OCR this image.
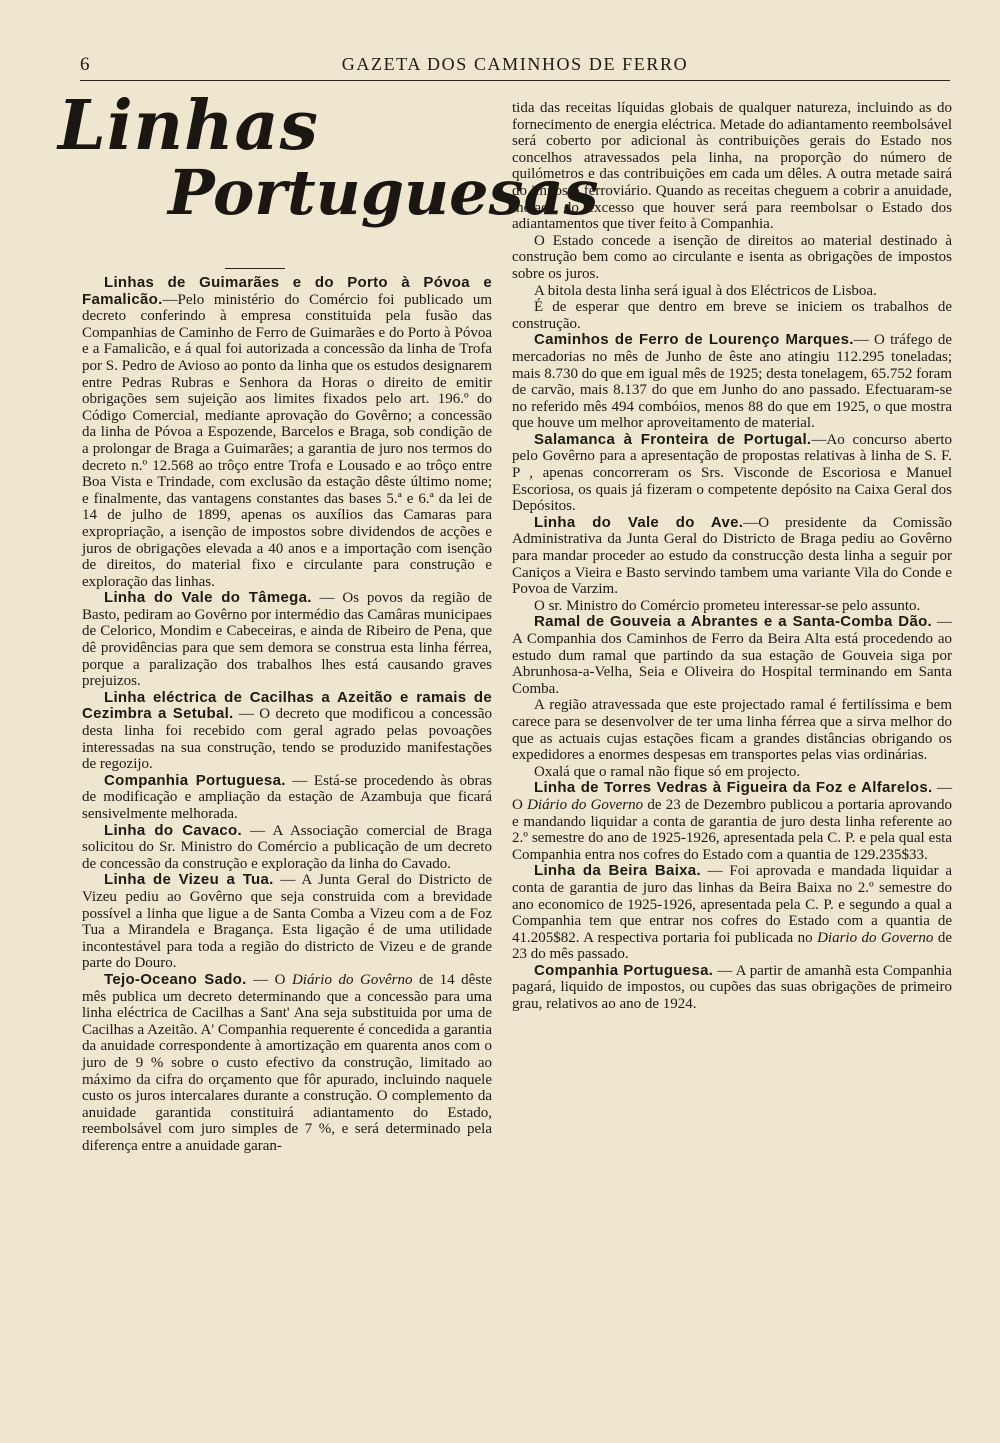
6	GAZETA DOS CAMINHOS DE FERRO
Linhas
Portuguesas

Linhas de Guimarães e do Porto à Póvoa e Famalicão.—Pelo ministério do Comércio foi publicado um decreto conferindo à empresa constituida pela fusão das Companhias de Caminho de Ferro de Guimarães e do Porto à Póvoa e a Famalicão, e á qual foi autorizada a concessão da linha de Trofa por S. Pedro de Avioso ao ponto da linha que os estudos designarem entre Pedras Rubras e Senhora da Horas o direito de emitir obrigações sem sujeição aos limites fixados pelo art. 196.º do Código Comercial, mediante aprovação do Govêrno; a concessão da linha de Póvoa a Espozende, Barcelos e Braga, sob condição de a prolongar de Braga a Guimarães; a garantia de juro nos termos do decreto n.º 12.568 ao trôço entre Trofa e Lousado e ao trôço entre Boa Vista e Trindade, com exclusão da estação dêste último nome; e finalmente, das vantagens constantes das bases 5.ª e 6.ª da lei de 14 de julho de 1899, apenas os auxílios das Camaras para expropriação, a isenção de impostos sobre dividendos de acções e juros de obrigações elevada a 40 anos e a importação com isenção de direitos, do material fixo e circulante para construção e exploração das linhas.

Linha do Vale do Tâmega. — Os povos da região de Basto, pediram ao Govêrno por intermédio das Camâras municipaes de Celorico, Mondim e Cabeceiras, e ainda de Ribeiro de Pena, que dê providências para que sem demora se construa esta linha férrea, porque a paralização dos trabalhos lhes está causando graves prejuizos.

Linha eléctrica de Cacilhas a Azeitão e ramais de Cezimbra a Setubal. — O decreto que modificou a concessão desta linha foi recebido com geral agrado pelas povoações interessadas na sua construção, tendo se produzido manifestações de regozijo.

Companhia Portuguesa. — Está-se procedendo às obras de modificação e ampliação da estação de Azambuja que ficará sensivelmente melhorada.

Linha do Cavaco. — A Associação comercial de Braga solicitou do Sr. Ministro do Comércio a publicação de um decreto de concessão da construção e exploração da linha do Cavado.

Linha de Vizeu a Tua. — A Junta Geral do Districto de Vizeu pediu ao Govêrno que seja construida com a brevidade possível a linha que ligue a de Santa Comba a Vizeu com a de Foz Tua a Mirandela e Bragança. Esta ligação é de uma utilidade incontestável para toda a região do districto de Vizeu e de grande parte do Douro.

Tejo-Oceano Sado. — O Diário do Govêrno de 14 dêste mês publica um decreto determinando que a concessão para uma linha eléctrica de Cacilhas a Sant' Ana seja substituida por uma de Cacilhas a Azeitão. A' Companhia requerente é concedida a garantia da anuidade correspondente à amortização em quarenta anos com o juro de 9 % sobre o custo efectivo da construção, limitado ao máximo da cifra do orçamento que fôr apurado, incluindo naquele custo os juros intercalares durante a construção. O complemento da anuidade garantida constituirá adiantamento do Estado, reembolsável com juro simples de 7 %, e será determinado pela diferença entre a anuidade garan-

tida das receitas líquidas globais de qualquer natureza, incluindo as do fornecimento de energia eléctrica. Metade do adiantamento reembolsável será coberto por adicional às contribuições gerais do Estado nos concelhos atravessados pela linha, na proporção do número de quilómetros e das contribuições em cada um dêles. A outra metade sairá do imposto ferroviário. Quando as receitas cheguem a cobrir a anuidade, metade do excesso que houver será para reembolsar o Estado dos adiantamentos que tiver feito à Companhia.

O Estado concede a isenção de direitos ao material destinado à construção bem como ao circulante e isenta as obrigações de impostos sobre os juros.

A bitola desta linha será igual à dos Eléctricos de Lisboa.

É de esperar que dentro em breve se iniciem os trabalhos de construção.

Caminhos de Ferro de Lourenço Marques.— O tráfego de mercadorias no mês de Junho de êste ano atingiu 112.295 toneladas; mais 8.730 do que em igual mês de 1925; desta tonelagem, 65.752 foram de carvão, mais 8.137 do que em Junho do ano passado. Efectuaram-se no referido mês 494 combóios, menos 88 do que em 1925, o que mostra que houve um melhor aproveitamento de material.

Salamanca à Fronteira de Portugal.—Ao concurso aberto pelo Govêrno para a apresentação de propostas relativas à linha de S. F. P , apenas concorreram os Srs. Visconde de Escoriosa e Manuel Escoriosa, os quais já fizeram o competente depósito na Caixa Geral dos Depósitos.

Linha do Vale do Ave.—O presidente da Comissão Administrativa da Junta Geral do Districto de Braga pediu ao Govêrno para mandar proceder ao estudo da construcção desta linha a seguir por Caniços a Vieira e Basto servindo tambem uma variante Vila do Conde e Povoa de Varzim.

O sr. Ministro do Comércio prometeu interessar-se pelo assunto.

Ramal de Gouveia a Abrantes e a Santa-Comba Dão. — A Companhia dos Caminhos de Ferro da Beira Alta está procedendo ao estudo dum ramal que partindo da sua estação de Gouveia siga por Abrunhosa-a-Velha, Seia e Oliveira do Hospital terminando em Santa Comba.

A região atravessada que este projectado ramal é fertilíssima e bem carece para se desenvolver de ter uma linha férrea que a sirva melhor do que as actuais cujas estações ficam a grandes distâncias obrigando os expedidores a enormes despesas em transportes pelas vias ordinárias.

Oxalá que o ramal não fique só em projecto.

Linha de Torres Vedras à Figueira da Foz e Alfarelos. — O Diário do Governo de 23 de Dezembro publicou a portaria aprovando e mandando liquidar a conta de garantia de juro desta linha referente ao 2.º semestre do ano de 1925-1926, apresentada pela C. P. e pela qual esta Companhia entra nos cofres do Estado com a quantia de 129.235$33.

Linha da Beira Baixa. — Foi aprovada e mandada liquidar a conta de garantia de juro das linhas da Beira Baixa no 2.º semestre do ano economico de 1925-1926, apresentada pela C. P. e segundo a qual a Companhia tem que entrar nos cofres do Estado com a quantia de 41.205$82. A respectiva portaria foi publicada no Diario do Governo de 23 do mês passado.

Companhia Portuguesa. — A partir de amanhã esta Companhia pagará, liquido de impostos, ou cupões das suas obrigações de primeiro grau, relativos ao ano de 1924.
